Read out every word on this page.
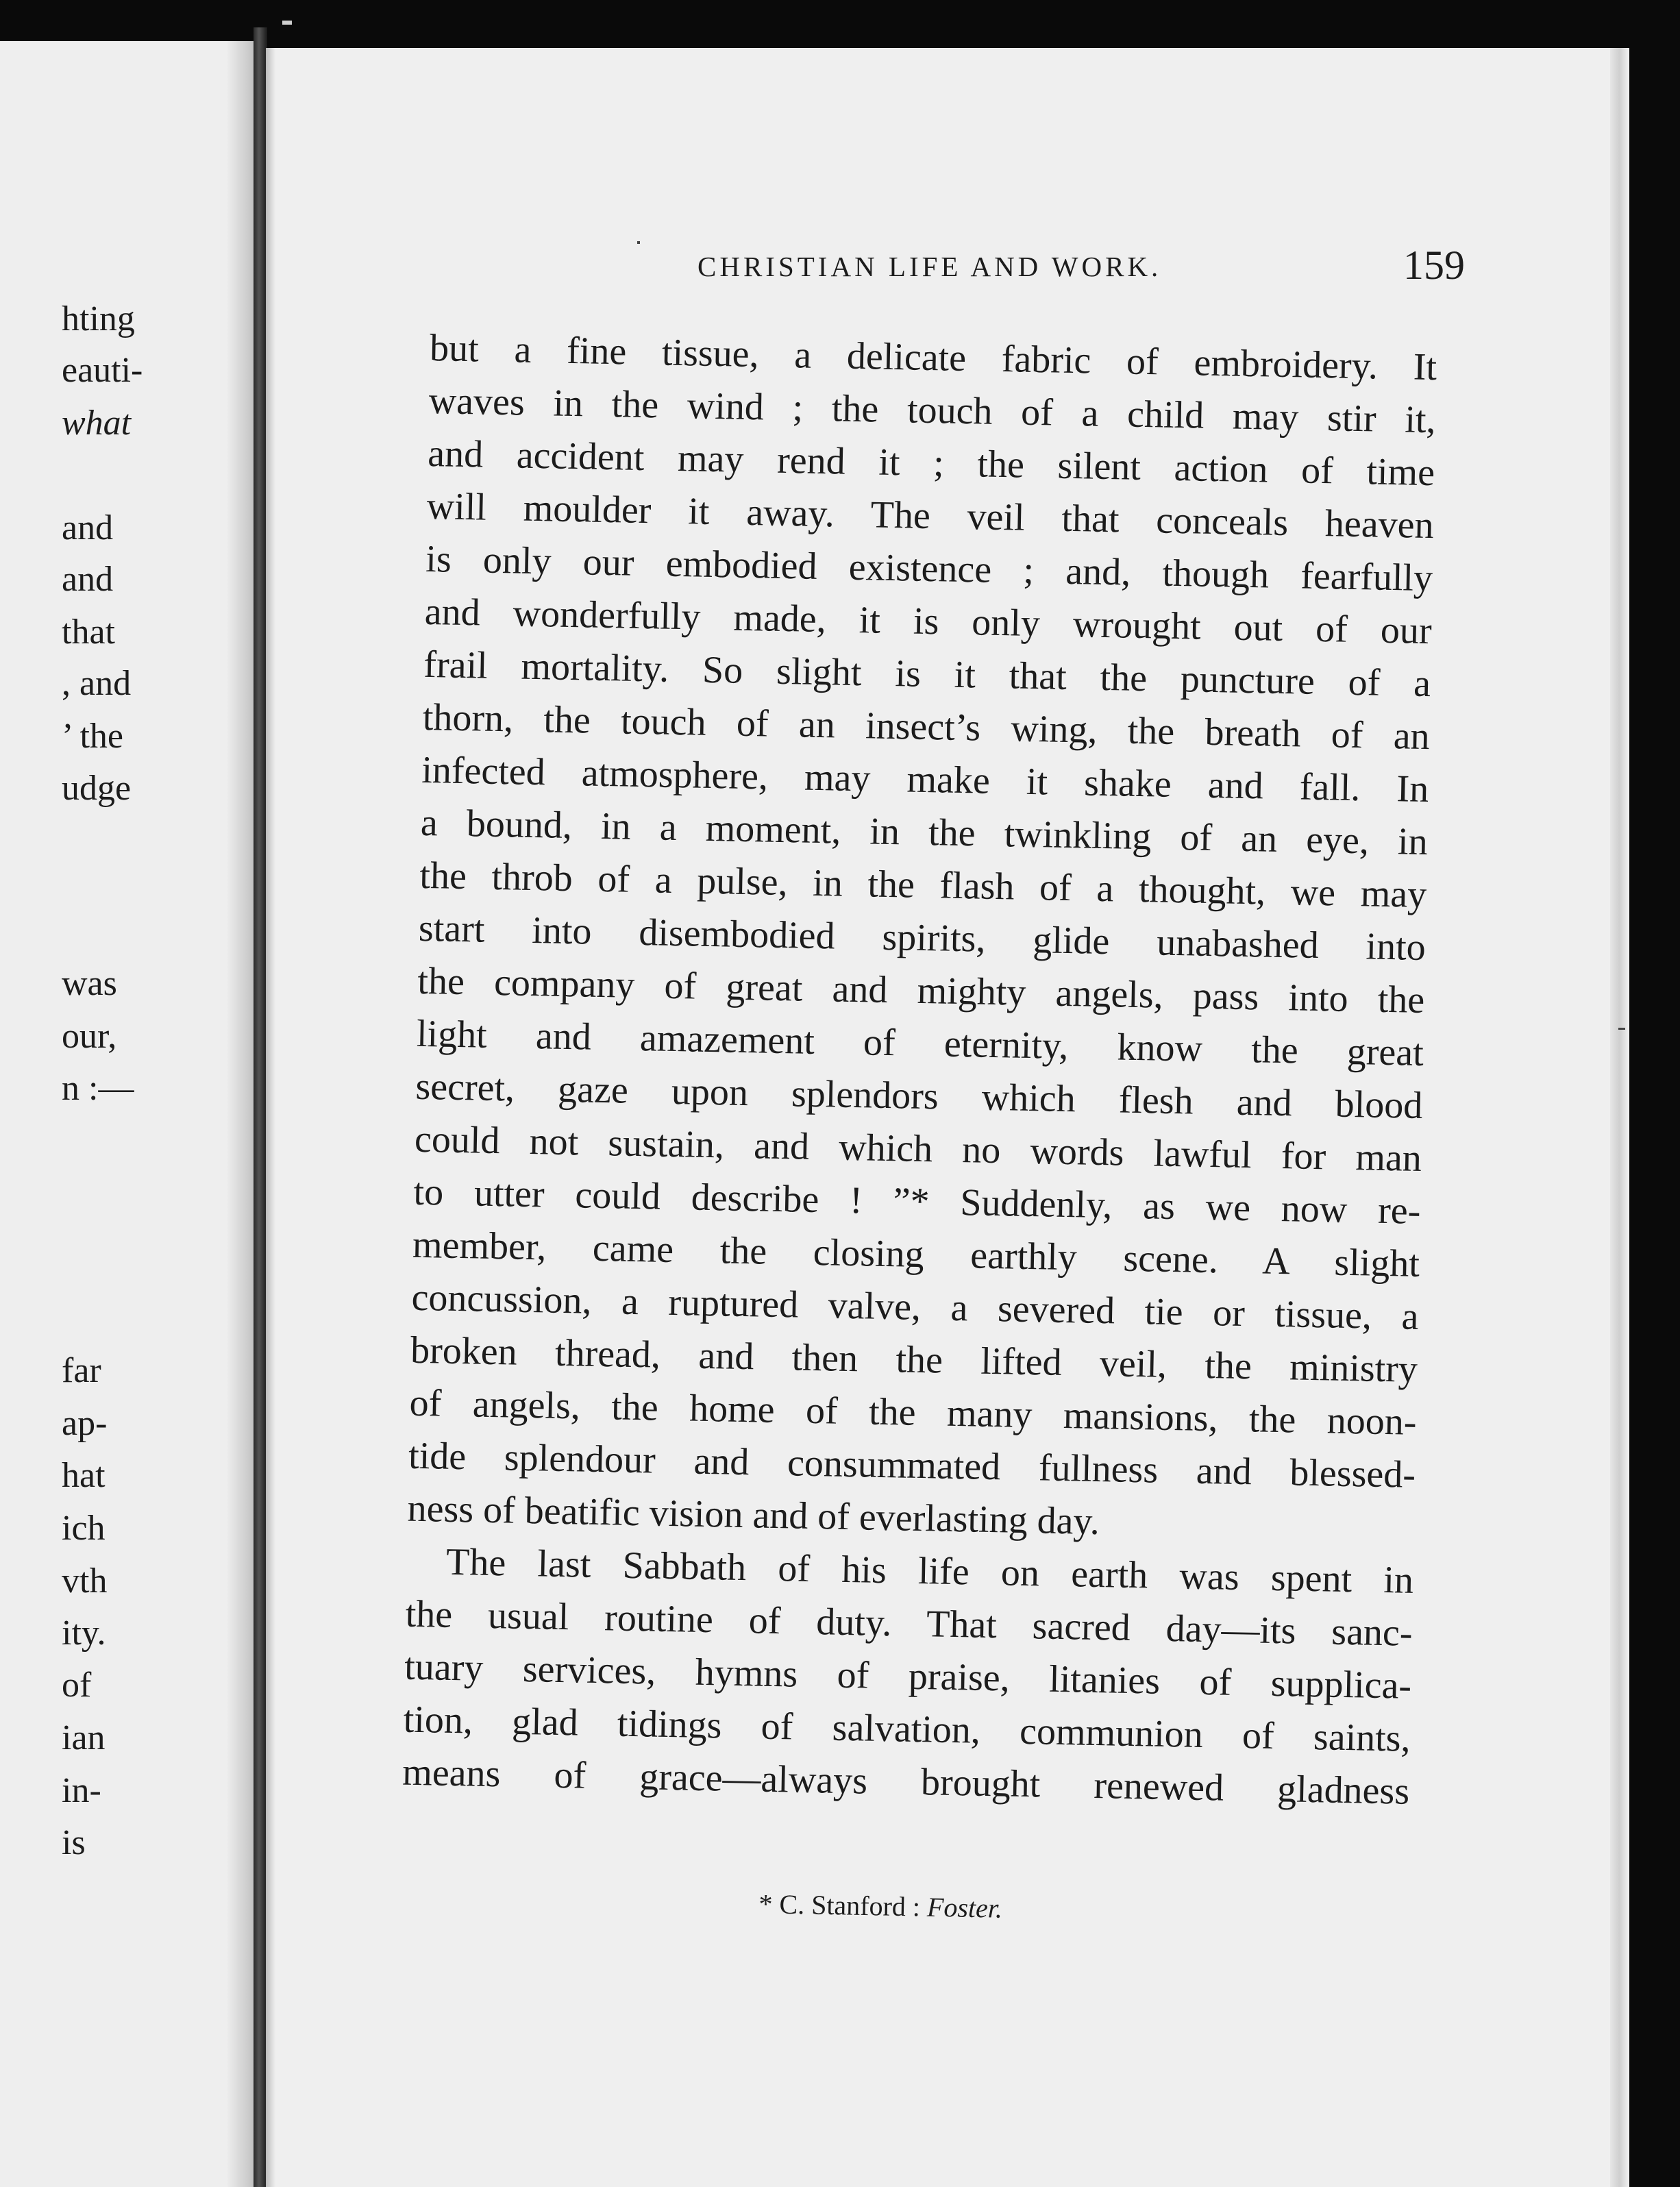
hting
eauti-
what
and
and
that
, and
’ the
udge
was
our,
n :—
far
ap-
hat
ich
vth
ity.
of
ian
in-
is
CHRISTIAN LIFE AND WORK.	159
but a fine tissue, a delicate fabric of embroidery. It
waves in the wind ; the touch of a child may stir it,
and accident may rend it ; the silent action of time
will moulder it away. The veil that conceals heaven
is only our embodied existence ; and, though fearfully
and wonderfully made, it is only wrought out of our
frail mortality. So slight is it that the puncture of a
thorn, the touch of an insect’s wing, the breath of an
infected atmosphere, may make it shake and fall. In
a bound, in a moment, in the twinkling of an eye, in
the throb of a pulse, in the flash of a thought, we may
start into disembodied spirits, glide unabashed into
the company of great and mighty angels, pass into the
light and amazement of eternity, know the great
secret, gaze upon splendors which flesh and blood
could not sustain, and which no words lawful for man
to utter could describe ! ”* Suddenly, as we now re-
member, came the closing earthly scene. A slight
concussion, a ruptured valve, a severed tie or tissue, a
broken thread, and then the lifted veil, the ministry
of angels, the home of the many mansions, the noon-
tide splendour and consummated fullness and blessed-
ness of beatific vision and of everlasting day.
The last Sabbath of his life on earth was spent in
the usual routine of duty. That sacred day—its sanc-
tuary services, hymns of praise, litanies of supplica-
tion, glad tidings of salvation, communion of saints,
means of grace—always brought renewed gladness
* C. Stanford : Foster.
